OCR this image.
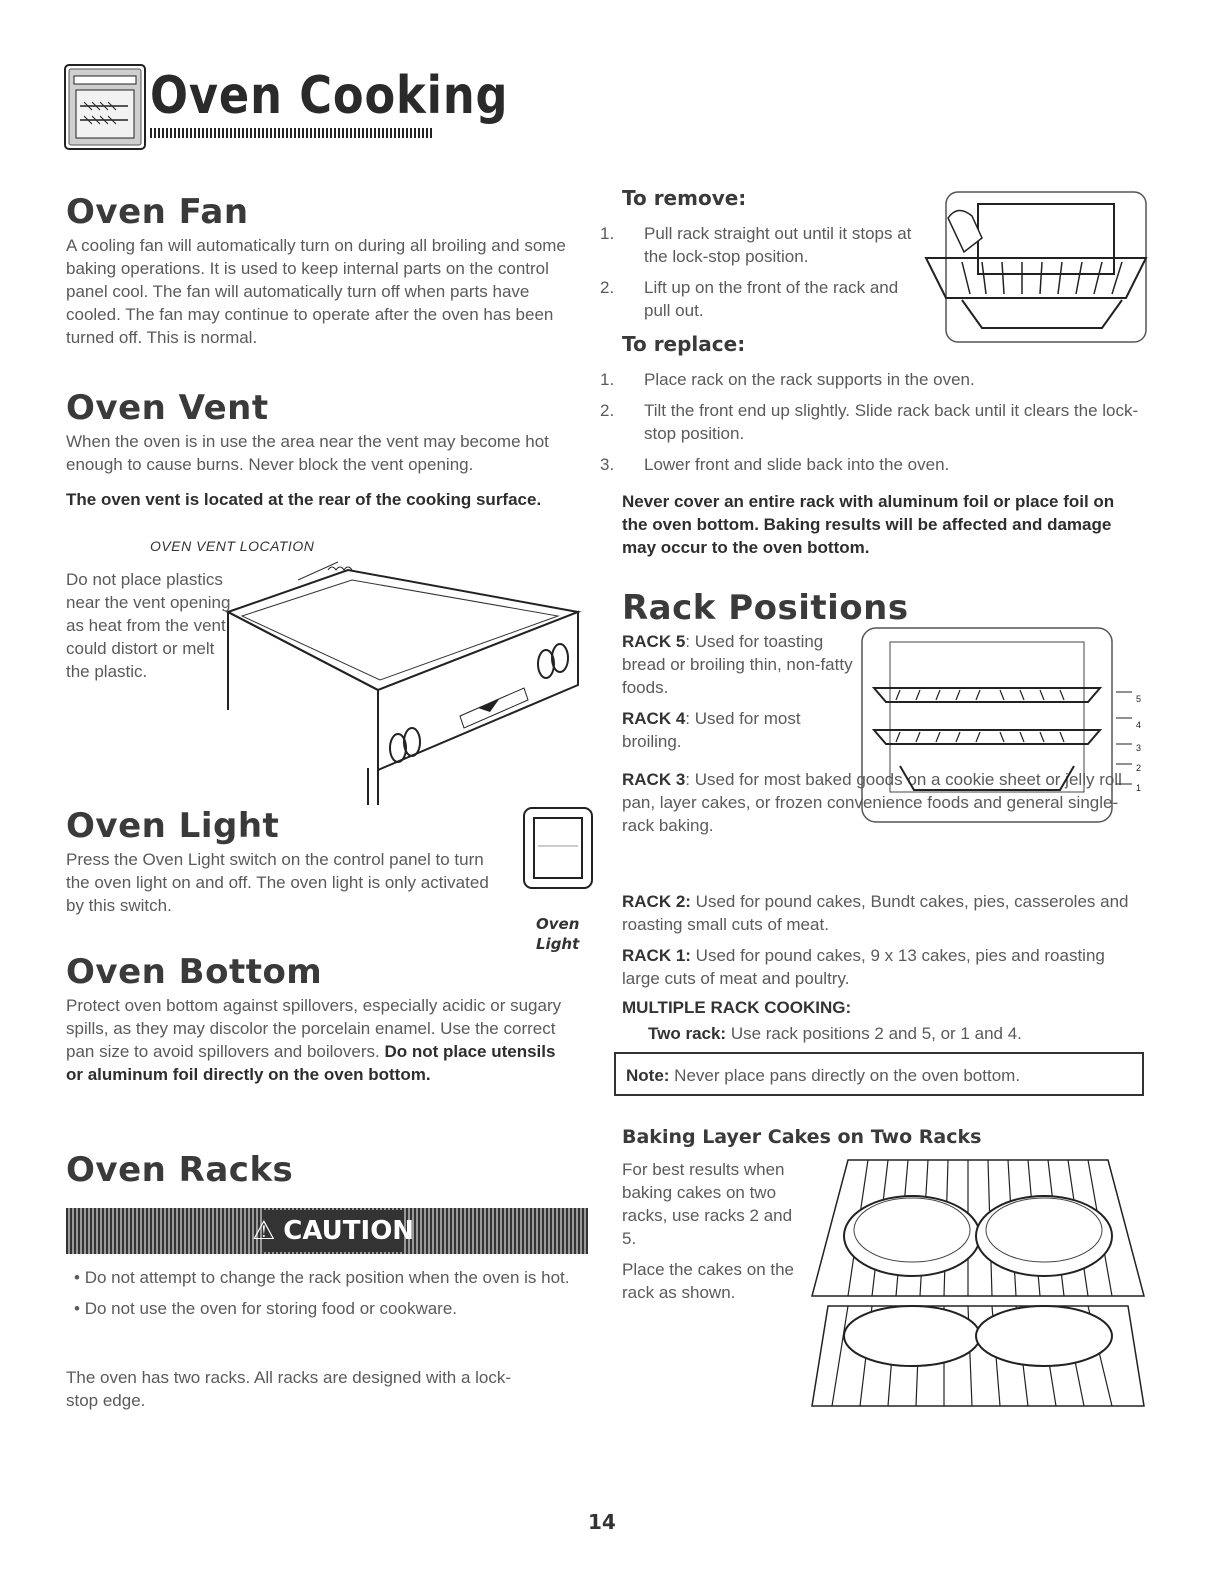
Oven Cooking
Oven Fan

A cooling fan will automatically turn on during all broiling and some baking operations. It is used to keep internal parts on the control panel cool. The fan will automatically turn off when parts have cooled. The fan may continue to operate after the oven has been turned off. This is normal.

Oven Vent

When the oven is in use the area near the vent may become hot enough to cause burns. Never block the vent opening.

The oven vent is located at the rear of the cooking surface.

OVEN VENT LOCATION

Do not place plastics near the vent opening as heat from the vent could distort or melt the plastic.

Oven Light

Press the Oven Light switch on the control panel to turn the oven light on and off. The oven light is only activated by this switch.

Oven
Light
Oven Bottom

Protect oven bottom against spillovers, especially acidic or sugary spills, as they may discolor the porcelain enamel. Use the correct pan size to avoid spillovers and boilovers. Do not place utensils or aluminum foil directly on the oven bottom.

Oven Racks
⚠ CAUTION
• Do not attempt to change the rack position when the oven is hot.
• Do not use the oven for storing food or cookware.

The oven has two racks. All racks are designed with a lock-stop edge.

To remove:
1. Pull rack straight out until it stops at the lock-stop position.
2. Lift up on the front of the rack and pull out.
To replace:
1. Place rack on the rack supports in the oven.
2. Tilt the front end up slightly. Slide rack back until it clears the lock-stop position.
3. Lower front and slide back into the oven.

Never cover an entire rack with aluminum foil or place foil on the oven bottom. Baking results will be affected and damage may occur to the oven bottom.

Rack Positions

RACK 5: Used for toasting bread or broiling thin, non-fatty foods.

RACK 4: Used for most broiling.

RACK 3: Used for most baked goods on a cookie sheet or jelly roll pan, layer cakes, or frozen convenience foods and general single-rack baking.

5
4
3
2
1

RACK 2: Used for pound cakes, Bundt cakes, pies, casseroles and roasting small cuts of meat.

RACK 1: Used for pound cakes, 9 x 13 cakes, pies and roasting large cuts of meat and poultry.

MULTIPLE RACK COOKING:

Two rack: Use rack positions 2 and 5, or 1 and 4.

Note: Never place pans directly on the oven bottom.

Baking Layer Cakes on Two Racks

For best results when baking cakes on two racks, use racks 2 and 5.

Place the cakes on the rack as shown.

14
